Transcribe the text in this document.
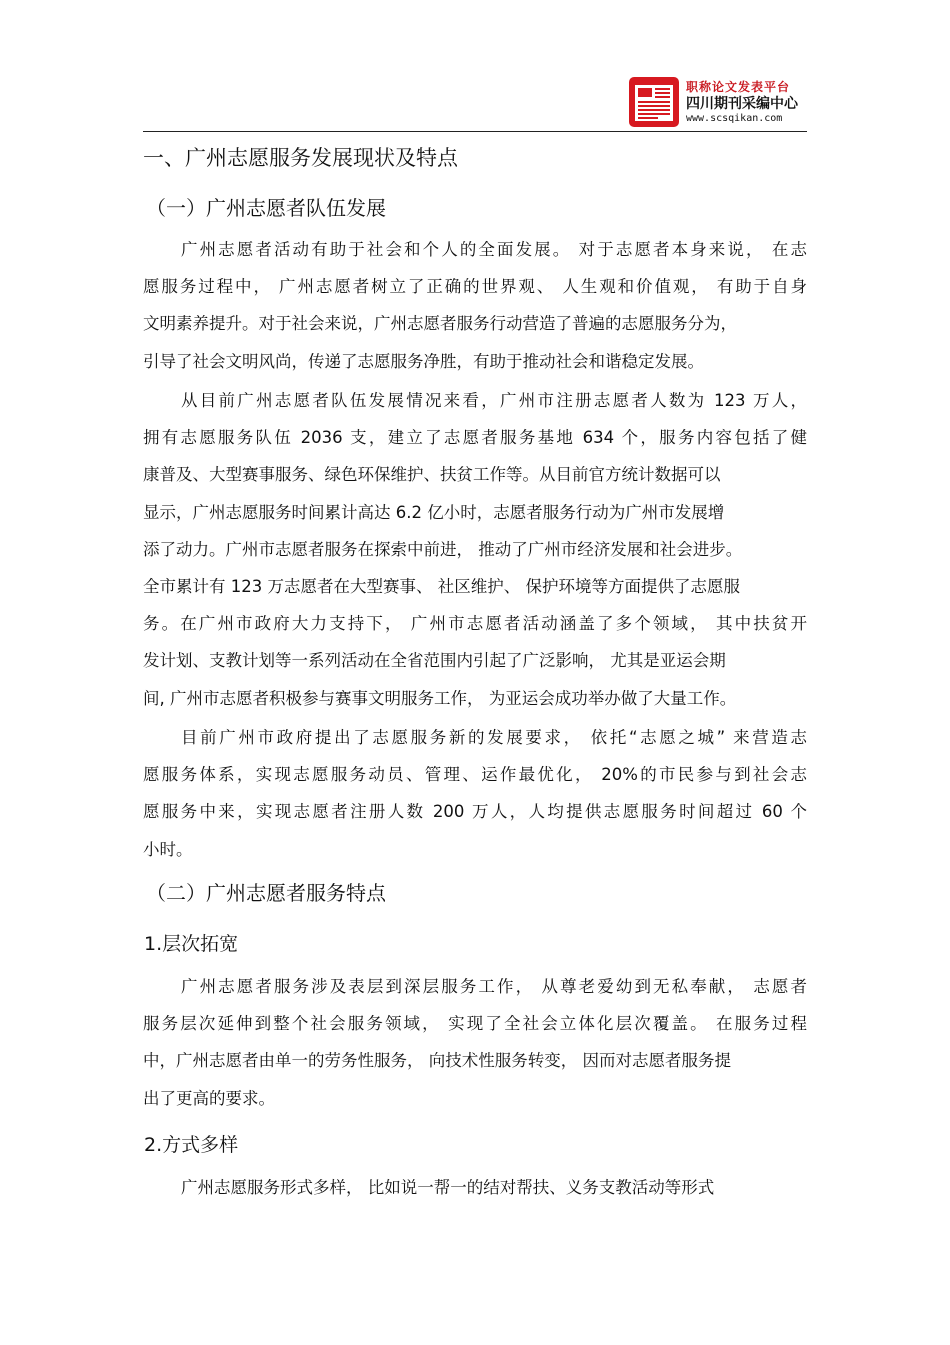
职称论文发表平台
四川期刊采编中心
www.scsqikan.com
一、广州志愿服务发展现状及特点
（一）广州志愿者队伍发展
广州志愿者活动有助于社会和个人的全面发展。 对于志愿者本身来说， 在志
愿服务过程中， 广州志愿者树立了正确的世界观、 人生观和价值观， 有助于自身
文明素养提升。对于社会来说，广州志愿者服务行动营造了普遍的志愿服务分为，
引导了社会文明风尚，传递了志愿服务净胜，有助于推动社会和谐稳定发展。
从目前广州志愿者队伍发展情况来看，广州市注册志愿者人数为 123 万人，
拥有志愿服务队伍 2036 支，建立了志愿者服务基地 634 个，服务内容包括了健
康普及、大型赛事服务、绿色环保维护、扶贫工作等。从目前官方统计数据可以
显示，广州志愿服务时间累计高达 6.2 亿小时，志愿者服务行动为广州市发展增
添了动力。广州市志愿者服务在探索中前进， 推动了广州市经济发展和社会进步。
全市累计有 123 万志愿者在大型赛事、 社区维护、 保护环境等方面提供了志愿服
务。在广州市政府大力支持下， 广州市志愿者活动涵盖了多个领域， 其中扶贫开
发计划、支教计划等一系列活动在全省范围内引起了广泛影响， 尤其是亚运会期
间, 广州市志愿者积极参与赛事文明服务工作， 为亚运会成功举办做了大量工作。
目前广州市政府提出了志愿服务新的发展要求， 依托“志愿之城” 来营造志
愿服务体系，实现志愿服务动员、管理、运作最优化， 20%的市民参与到社会志
愿服务中来，实现志愿者注册人数 200 万人，人均提供志愿服务时间超过 60 个
小时。
（二）广州志愿者服务特点
1.层次拓宽
广州志愿者服务涉及表层到深层服务工作， 从尊老爱幼到无私奉献， 志愿者
服务层次延伸到整个社会服务领域， 实现了全社会立体化层次覆盖。 在服务过程
中，广州志愿者由单一的劳务性服务， 向技术性服务转变， 因而对志愿者服务提
出了更高的要求。
2.方式多样
广州志愿服务形式多样， 比如说一帮一的结对帮扶、义务支教活动等形式
